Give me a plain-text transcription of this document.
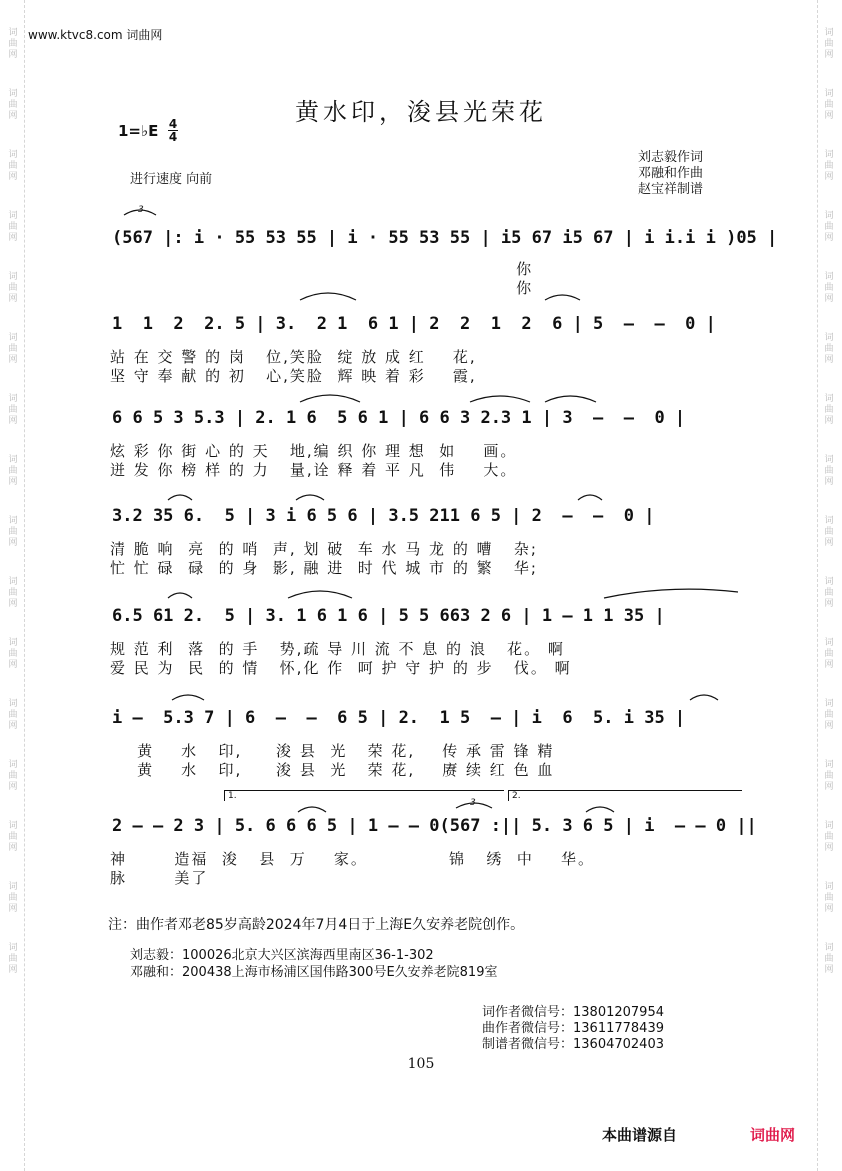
词
曲
网
词
曲
网
词
曲
网
词
曲
网
词
曲
网
词
曲
网
词
曲
网
词
曲
网
词
曲
网
词
曲
网
词
曲
网
词
曲
网
词
曲
网
词
曲
网
词
曲
网
词
曲
网
词
曲
网
词
曲
网
词
曲
网
词
曲
网
词
曲
网
词
曲
网
词
曲
网
词
曲
网
词
曲
网
词
曲
网
词
曲
网
词
曲
网
词
曲
网
词
曲
网
词
曲
网
词
曲
网
www.ktvc8.com 词曲网
黄水印，浚县光荣花
1=♭E 4
4
进行速度 向前
刘志毅作词
邓融和作曲
赵宝祥制谱
(567 |: i · 55 53 55 | i · 55 53 55 | i5 67 i5 67 | i i.i i )05 |
你
你
1  1  2  2. 5 | 3.  2 1  6 1 | 2  2  1  2  6 | 5  –  –  0 |
站 在 交 警 的 岗   位,笑脸  绽 放 成 红    花,
坚 守 奉 献 的 初   心,笑脸  辉 映 着 彩    霞,
6 6 5 3 5.3 | 2. 1 6  5 6 1 | 6 6 3 2.3 1 | 3  –  –  0 |
炫 彩 你 街 心 的 天   地,编 织 你 理 想  如    画。
迸 发 你 榜 样 的 力   量,诠 释 着 平 凡  伟    大。
3.2 35 6.  5 | 3 i 6 5 6 | 3.5 211 6 5 | 2  –  –  0 |
清 脆 响  亮  的 哨  声, 划 破  车 水 马 龙 的 嘈   杂;
忙 忙 碌  碌  的 身  影, 融 进  时 代 城 市 的 繁   华;
6.5 61 2.  5 | 3. 1 6 1 6 | 5 5 663 2 6 | 1 – 1 1 35 |
规 范 利  落  的 手   势,疏 导 川 流 不 息 的 浪   花。 啊
爱 民 为  民  的 情   怀,化 作  呵 护 守 护 的 步   伐。 啊
i –  5.3 7 | 6  –  –  6 5 | 2.  1 5  – | i  6  5. i 35 |
黄    水   印,     浚 县  光   荣 花,    传 承 雷 锋 精
黄    水   印,     浚 县  光   荣 花,    赓 续 红 色 血
2 – – 2 3 | 5. 6 6 6 5 | 1 – – 0(567 :|| 5. 3 6 5 | i  – – 0 ||
神       造福  浚   县  万    家。            锦   绣  中    华。
脉       美了
3
3
1.	2.
注：曲作者邓老85岁高龄2024年7月4日于上海E久安养老院创作。
刘志毅：100026北京大兴区滨海西里南区36-1-302
邓融和：200438上海市杨浦区国伟路300号E久安养老院819室
词作者微信号：13801207954
曲作者微信号：13611778439
制谱者微信号：13604702403
105
本曲谱源自	词曲网
